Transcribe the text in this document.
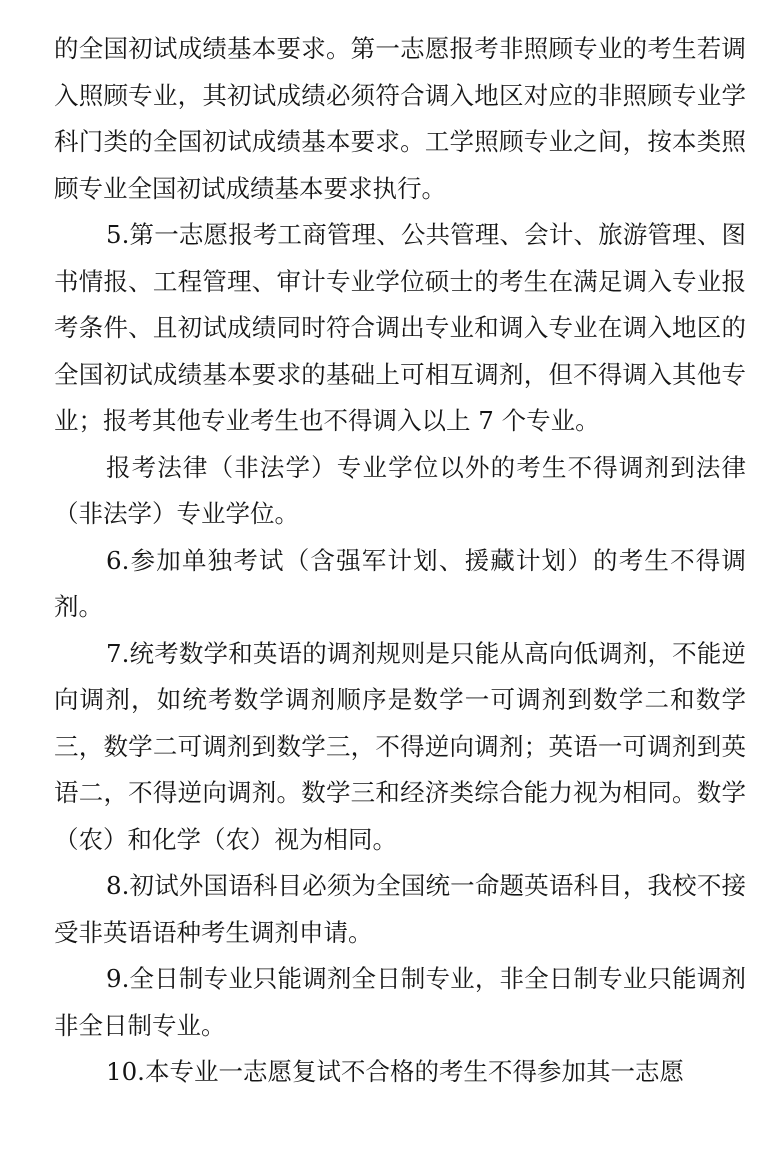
的全国初试成绩基本要求。第一志愿报考非照顾专业的考生若调入照顾专业，其初试成绩必须符合调入地区对应的非照顾专业学科门类的全国初试成绩基本要求。工学照顾专业之间，按本类照顾专业全国初试成绩基本要求执行。

5.第一志愿报考工商管理、公共管理、会计、旅游管理、图书情报、工程管理、审计专业学位硕士的考生在满足调入专业报考条件、且初试成绩同时符合调出专业和调入专业在调入地区的全国初试成绩基本要求的基础上可相互调剂，但不得调入其他专业；报考其他专业考生也不得调入以上 7 个专业。

报考法律（非法学）专业学位以外的考生不得调剂到法律（非法学）专业学位。

6.参加单独考试（含强军计划、援藏计划）的考生不得调剂。

7.统考数学和英语的调剂规则是只能从高向低调剂，不能逆向调剂，如统考数学调剂顺序是数学一可调剂到数学二和数学三，数学二可调剂到数学三，不得逆向调剂；英语一可调剂到英语二，不得逆向调剂。数学三和经济类综合能力视为相同。数学（农）和化学（农）视为相同。

8.初试外国语科目必须为全国统一命题英语科目，我校不接受非英语语种考生调剂申请。

9.全日制专业只能调剂全日制专业，非全日制专业只能调剂非全日制专业。

10.本专业一志愿复试不合格的考生不得参加其一志愿
